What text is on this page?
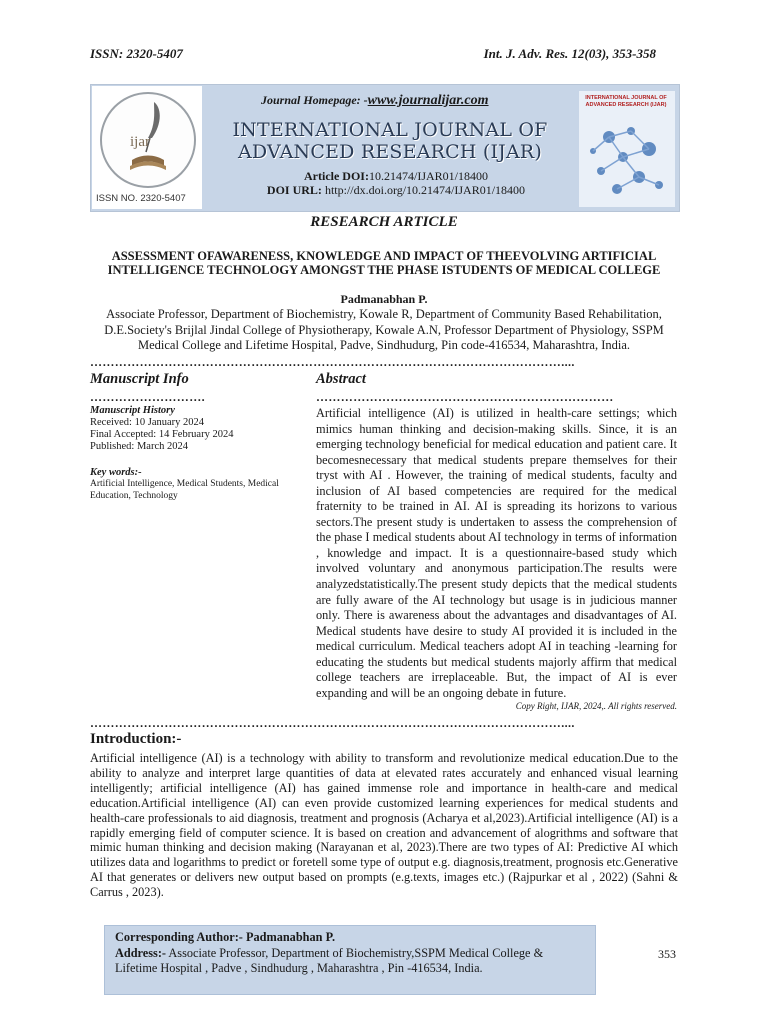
ISSN: 2320-5407	Int. J. Adv. Res. 12(03), 353-358
ijar
ISSN NO. 2320-5407
Journal Homepage: -www.journalijar.com
INTERNATIONAL JOURNAL OF ADVANCED RESEARCH (IJAR)
Article DOI:10.21474/IJAR01/18400
DOI URL: http://dx.doi.org/10.21474/IJAR01/18400
INTERNATIONAL JOURNAL OF ADVANCED RESEARCH (IJAR)
RESEARCH ARTICLE
ASSESSMENT OFAWARENESS, KNOWLEDGE AND IMPACT OF THEEVOLVING ARTIFICIAL INTELLIGENCE TECHNOLOGY AMONGST THE PHASE ISTUDENTS OF MEDICAL COLLEGE
Padmanabhan P.
Associate Professor, Department of Biochemistry, Kowale R, Department of Community Based Rehabilitation, D.E.Society's Brijlal Jindal College of Physiotherapy, Kowale A.N, Professor Department of Physiology, SSPM Medical College and Lifetime Hospital, Padve, Sindhudurg, Pin code-416534, Maharashtra, India.
……………………………………………………………………………………………………....
Manuscript Info
……………………….
Manuscript History
Received: 10 January 2024
Final Accepted: 14 February 2024
Published: March 2024
Key words:-
Artificial Intelligence, Medical Students, Medical Education, Technology
Abstract
………………………………………………………………
Artificial intelligence (AI) is utilized in health-care settings; which mimics human thinking and decision-making skills. Since, it is an emerging technology beneficial for medical education and patient care. It becomesnecessary that medical students prepare themselves for their tryst with AI . However, the training of medical students, faculty and inclusion of AI based competencies are required for the medical fraternity to be trained in AI. AI is spreading its horizons to various sectors.The present study is undertaken to assess the comprehension of the phase I medical students about AI technology in terms of information , knowledge and impact. It is a questionnaire-based study which involved voluntary and anonymous participation.The results were analyzedstatistically.The present study depicts that the medical students are fully aware of the AI technology but usage is in judicious manner only. There is awareness about the advantages and disadvantages of AI. Medical students have desire to study AI provided it is included in the medical curriculum. Medical teachers adopt AI in teaching -learning for educating the students but medical students majorly affirm that medical college teachers are irreplaceable. But, the impact of AI is ever expanding and will be an ongoing debate in future.
Copy Right, IJAR, 2024,. All rights reserved.
……………………………………………………………………………………………………....
Introduction:-
Artificial intelligence (AI) is a technology with ability to transform and revolutionize medical education.Due to the ability to analyze and interpret large quantities of data at elevated rates accurately and enhanced visual learning intelligently; artificial intelligence (AI) has gained immense role and importance in health-care and medical education.Artificial intelligence (AI) can even provide customized learning experiences for medical students and health-care professionals to aid diagnosis, treatment and prognosis (Acharya et al,2023).Artificial intelligence (AI) is a rapidly emerging field of computer science. It is based on creation and advancement of alogrithms and software that mimic human thinking and decision making (Narayanan et al, 2023).There are two types of AI: Predictive AI which utilizes data and logarithms to predict or foretell some type of output e.g. diagnosis,treatment, prognosis etc.Generative AI that generates or delivers new output based on prompts (e.g.texts, images etc.) (Rajpurkar et al , 2022) (Sahni & Carrus , 2023).
Corresponding Author:- Padmanabhan P.
Address:- Associate Professor, Department of Biochemistry,SSPM Medical College & Lifetime Hospital , Padve , Sindhudurg , Maharashtra , Pin -416534, India.
353
